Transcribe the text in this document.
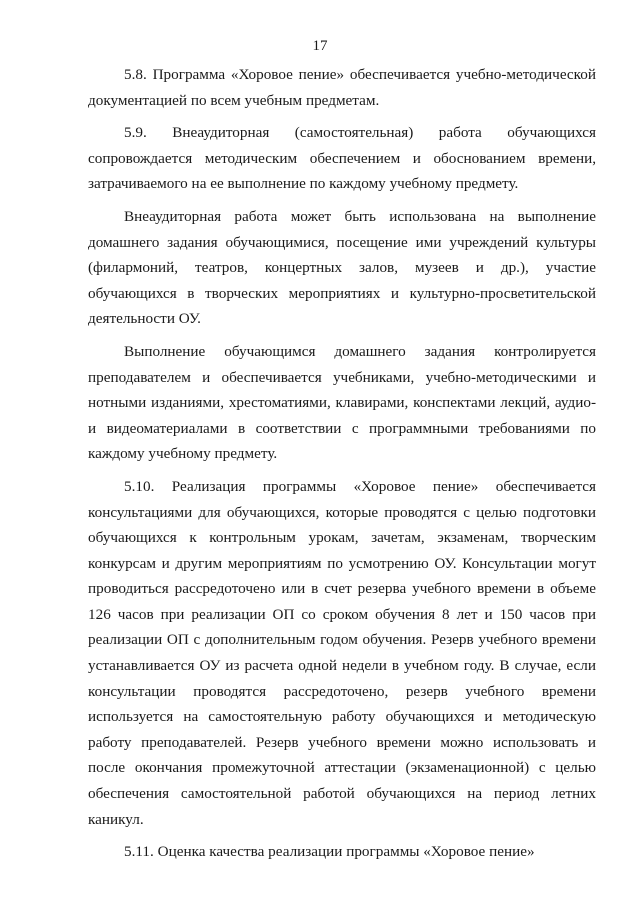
17

5.8. Программа «Хоровое пение» обеспечивается учебно-методической документацией по всем учебным предметам.

5.9. Внеаудиторная (самостоятельная) работа обучающихся сопровождается методическим обеспечением и обоснованием времени, затрачиваемого на ее выполнение по каждому учебному предмету.

Внеаудиторная работа может быть использована на выполнение домашнего задания обучающимися, посещение ими учреждений культуры (филармоний, театров, концертных залов, музеев и др.), участие обучающихся в творческих мероприятиях и культурно-просветительской деятельности ОУ.

Выполнение обучающимся домашнего задания контролируется преподавателем и обеспечивается учебниками, учебно-методическими и нотными изданиями, хрестоматиями, клавирами, конспектами лекций, аудио- и видеоматериалами в соответствии с программными требованиями по каждому учебному предмету.

5.10. Реализация программы «Хоровое пение» обеспечивается консультациями для обучающихся, которые проводятся с целью подготовки обучающихся к контрольным урокам, зачетам, экзаменам, творческим конкурсам и другим мероприятиям по усмотрению ОУ. Консультации могут проводиться рассредоточено или в счет резерва учебного времени в объеме 126 часов при реализации ОП со сроком обучения 8 лет и 150 часов при реализации ОП с дополнительным годом обучения. Резерв учебного времени устанавливается ОУ из расчета одной недели в учебном году. В случае, если консультации проводятся рассредоточено, резерв учебного времени используется на самостоятельную работу обучающихся и методическую работу преподавателей. Резерв учебного времени можно использовать и после окончания промежуточной аттестации (экзаменационной) с целью обеспечения самостоятельной работой обучающихся на период летних каникул.

5.11. Оценка качества реализации программы «Хоровое пение»
